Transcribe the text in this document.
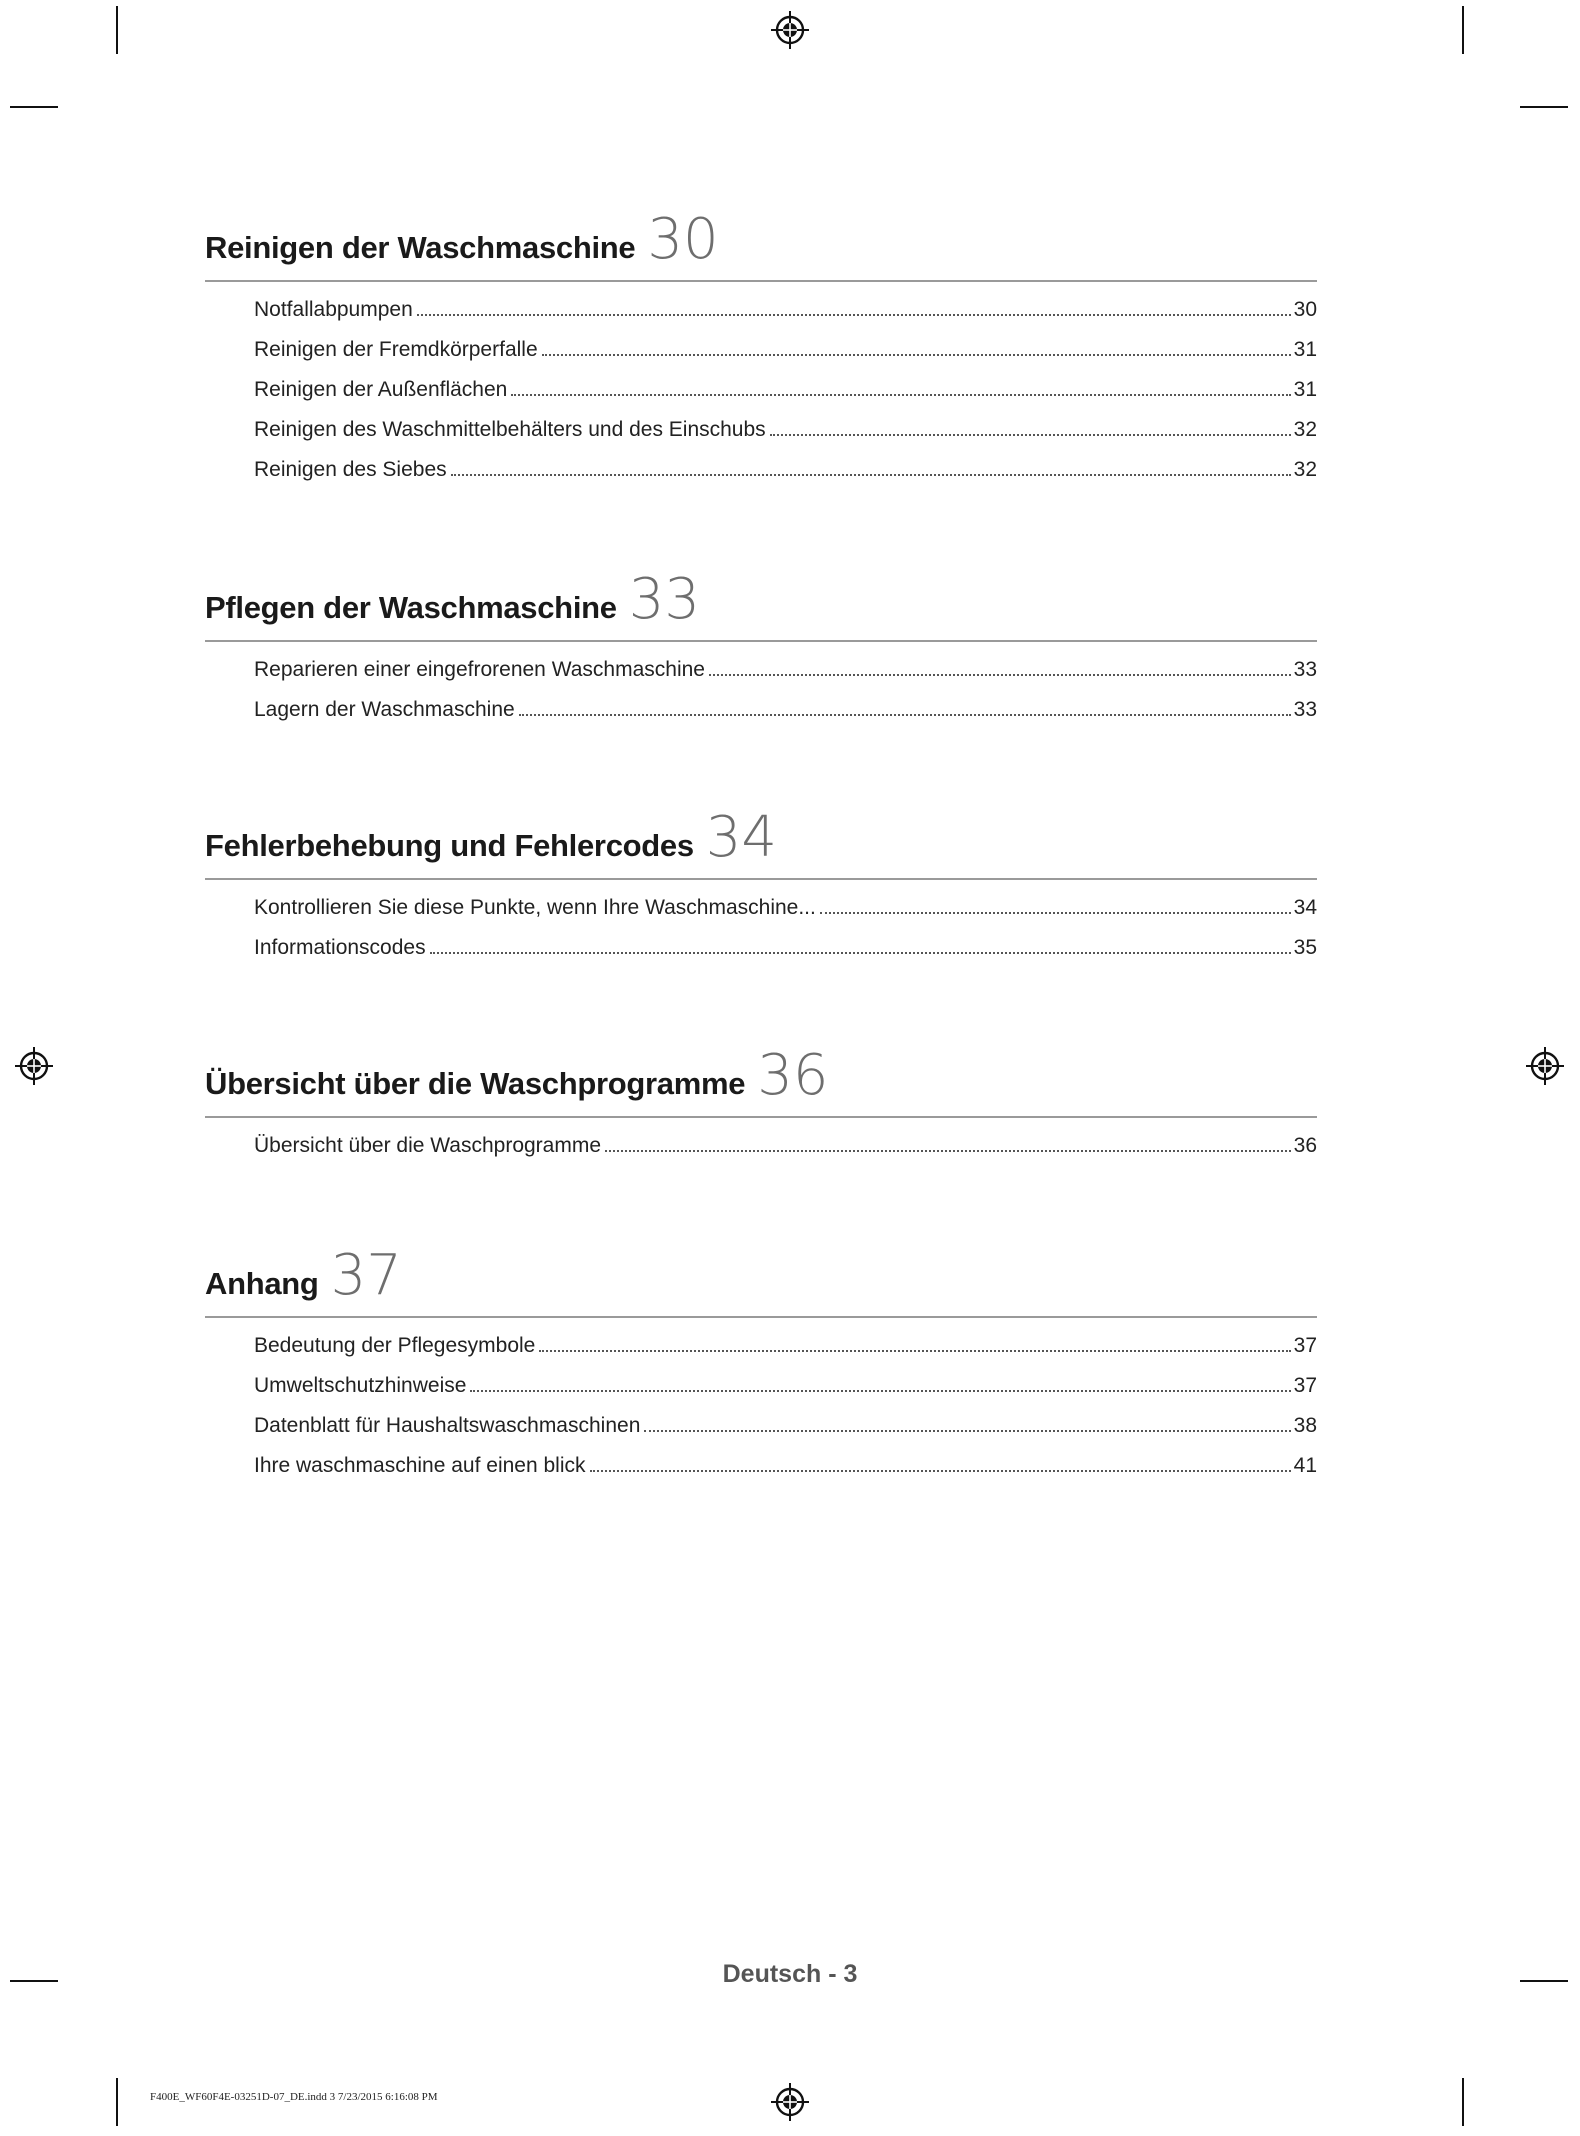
Reinigen der Waschmaschine 30
Notfallabpumpen	30
Reinigen der Fremdkörperfalle	31
Reinigen der Außenflächen	31
Reinigen des Waschmittelbehälters und des Einschubs	32
Reinigen des Siebes	32
Pflegen der Waschmaschine 33
Reparieren einer eingefrorenen Waschmaschine	33
Lagern der Waschmaschine	33
Fehlerbehebung und Fehlercodes 34
Kontrollieren Sie diese Punkte, wenn Ihre Waschmaschine...	34
Informationscodes	35
Übersicht über die Waschprogramme 36
Übersicht über die Waschprogramme	36
Anhang 37
Bedeutung der Pflegesymbole	37
Umweltschutzhinweise	37
Datenblatt für Haushaltswaschmaschinen	38
Ihre waschmaschine auf einen blick	41
Deutsch - 3
F400E_WF60F4E-03251D-07_DE.indd 3 7/23/2015 6:16:08 PM
